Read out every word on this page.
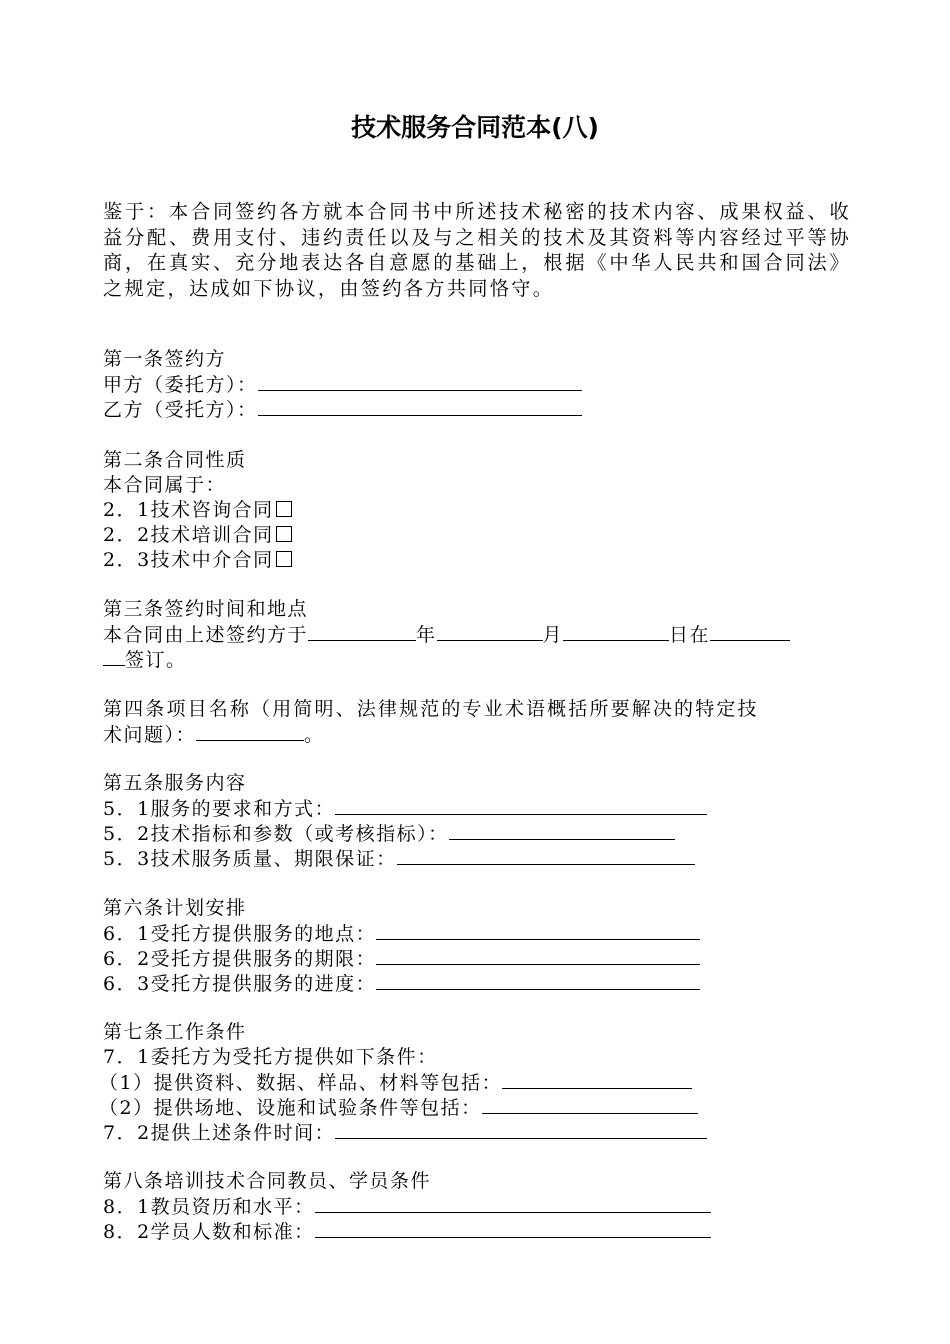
技术服务合同范本(八)
鉴于：本合同签约各方就本合同书中所述技术秘密的技术内容、成果权益、收益分配、费用支付、违约责任以及与之相关的技术及其资料等内容经过平等协商，在真实、充分地表达各自意愿的基础上，根据《中华人民共和国合同法》之规定，达成如下协议，由签约各方共同恪守。
第一条签约方
甲方（委托方）：
乙方（受托方）：
第二条合同性质
本合同属于：
2．1技术咨询合同
2．2技术培训合同
2．3技术中介合同
第三条签约时间和地点
本合同由上述签约方于	年	月	日在
签订。
第四条项目名称（用简明、法律规范的专业术语概括所要解决的特定技
术问题）：	。
第五条服务内容
5．1服务的要求和方式：
5．2技术指标和参数（或考核指标）：
5．3技术服务质量、期限保证：
第六条计划安排
6．1受托方提供服务的地点：
6．2受托方提供服务的期限：
6．3受托方提供服务的进度：
第七条工作条件
7．1委托方为受托方提供如下条件：
（1）提供资料、数据、样品、材料等包括：
（2）提供场地、设施和试验条件等包括：
7．2提供上述条件时间：
第八条培训技术合同教员、学员条件
8．1教员资历和水平：
8．2学员人数和标准：
